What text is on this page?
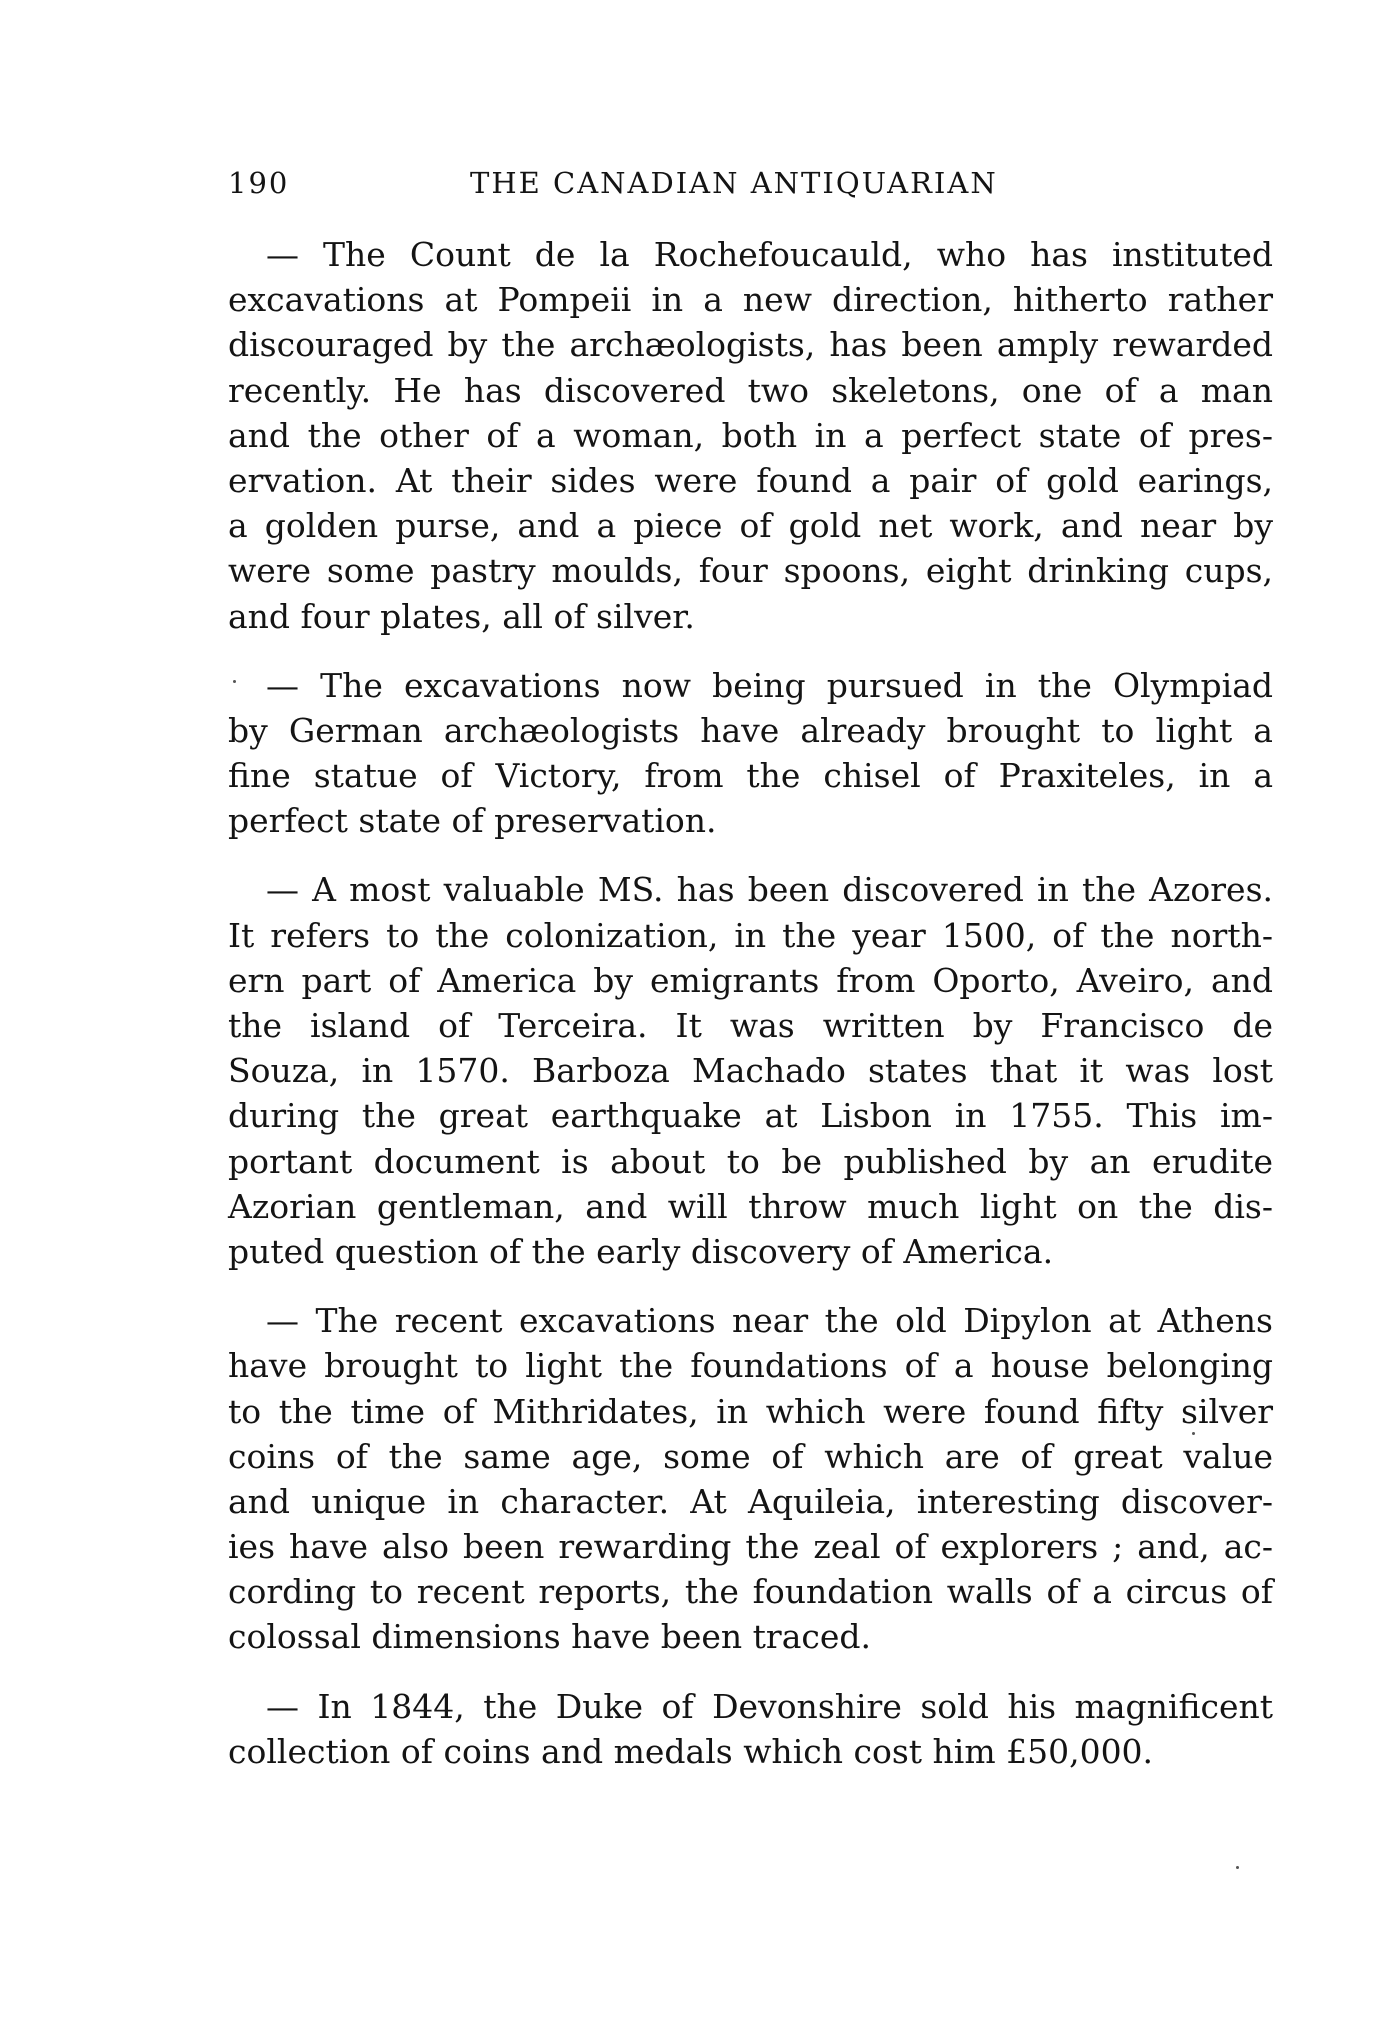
190	THE CANADIAN ANTIQUARIAN
— The Count de la Rochefoucauld, who has instituted
excavations at Pompeii in a new direction, hitherto rather
discouraged by the archæologists, has been amply rewarded
recently. He has discovered two skeletons, one of a man
and the other of a woman, both in a perfect state of pres-
ervation. At their sides were found a pair of gold earings,
a golden purse, and a piece of gold net work, and near by
were some pastry moulds, four spoons, eight drinking cups,
and four plates, all of silver.
— The excavations now being pursued in the Olympiad
by German archæologists have already brought to light a
fine statue of Victory, from the chisel of Praxiteles, in a
perfect state of preservation.
— A most valuable MS. has been discovered in the Azores.
It refers to the colonization, in the year 1500, of the north-
ern part of America by emigrants from Oporto, Aveiro, and
the island of Terceira. It was written by Francisco de
Souza, in 1570. Barboza Machado states that it was lost
during the great earthquake at Lisbon in 1755. This im-
portant document is about to be published by an erudite
Azorian gentleman, and will throw much light on the dis-
puted question of the early discovery of America.
— The recent excavations near the old Dipylon at Athens
have brought to light the foundations of a house belonging
to the time of Mithridates, in which were found fifty silver
coins of the same age, some of which are of great value
and unique in character. At Aquileia, interesting discover-
ies have also been rewarding the zeal of explorers ; and, ac-
cording to recent reports, the foundation walls of a circus of
colossal dimensions have been traced.
— In 1844, the Duke of Devonshire sold his magnificent
collection of coins and medals which cost him £50,000.
